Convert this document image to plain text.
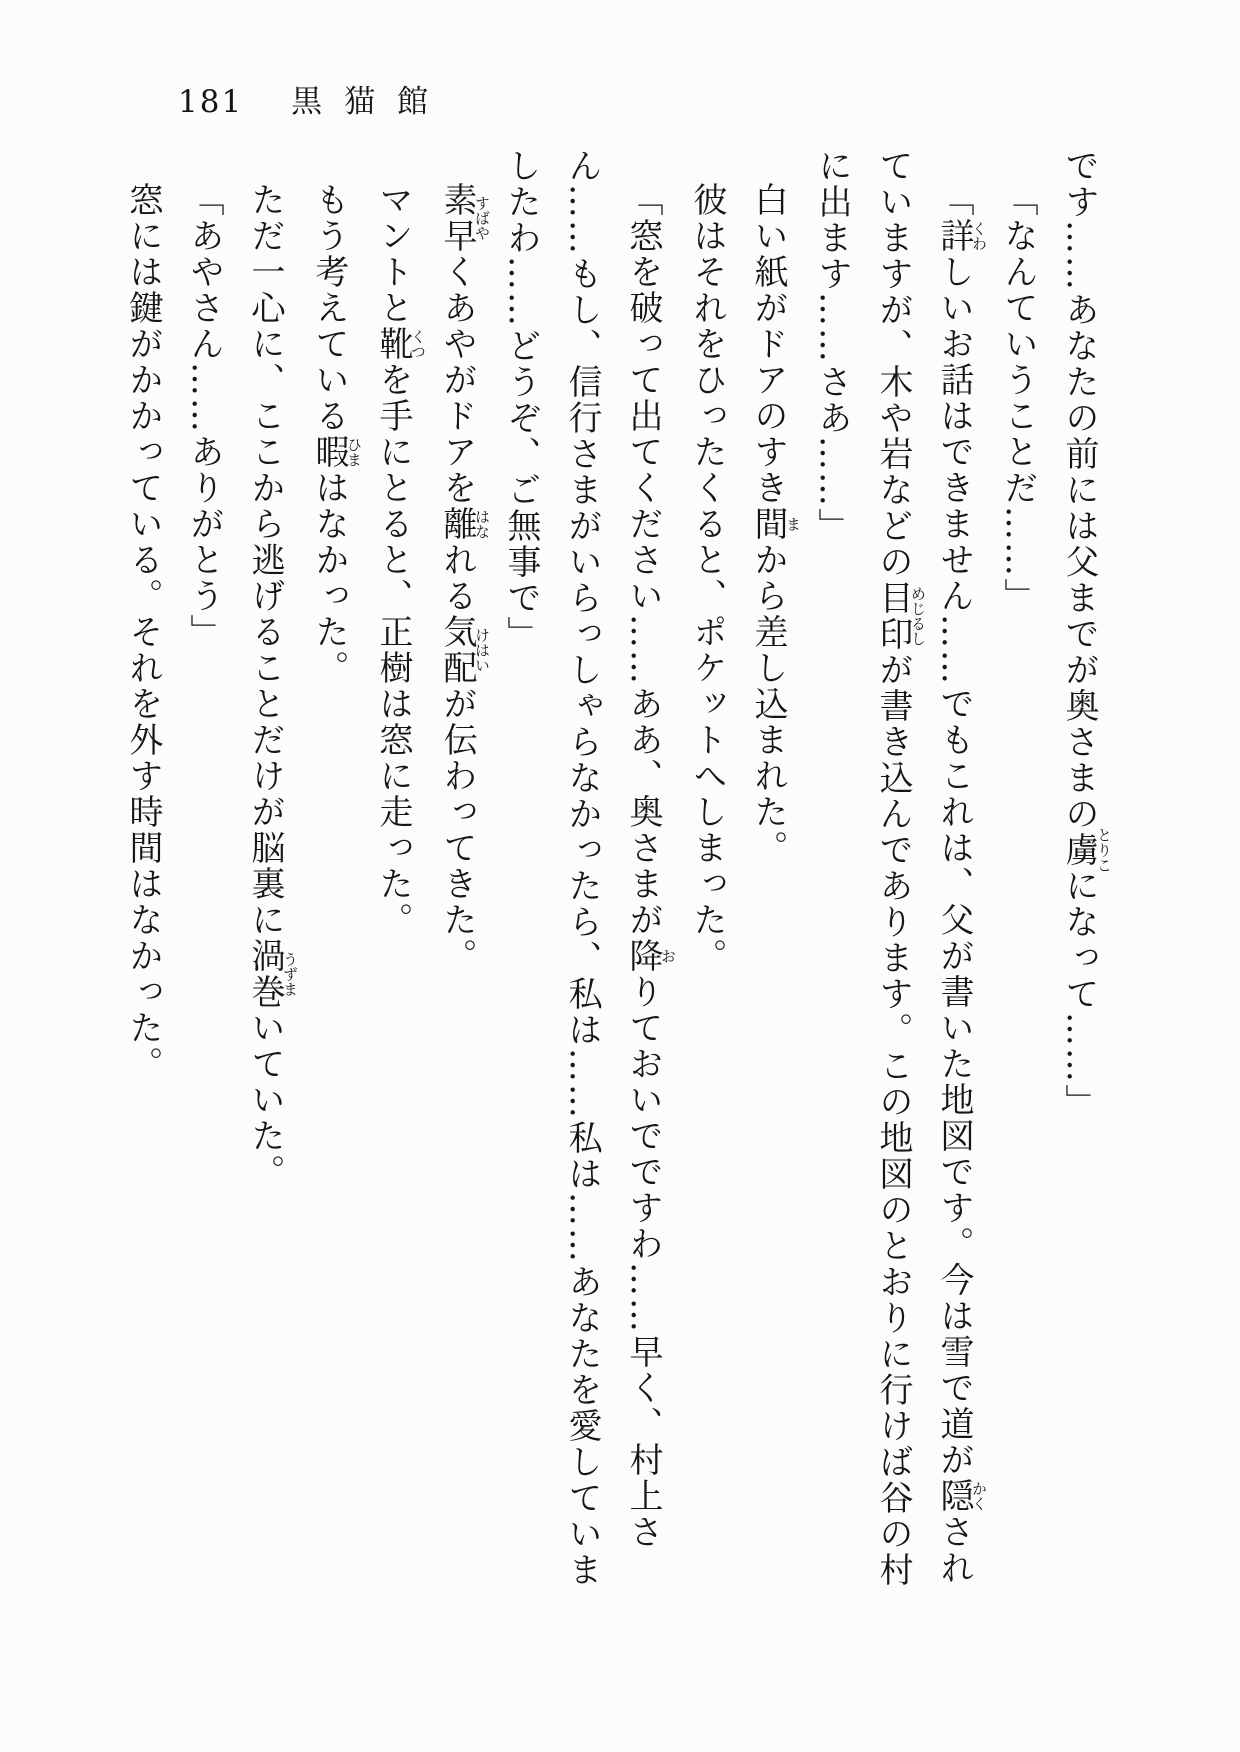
181 黒猫館

です……あなたの前には父までが奥さまの虜とりこになって……」

「なんていうことだ……」

「詳くわしいお話はできません……でもこれは、父が書いた地図です。今は雪で道が隠かくされていますが、木や岩などの目印めじるしが書き込んであります。この地図のとおりに行けば谷の村に出ます……さあ……」

白い紙がドアのすき間まから差し込まれた。

彼はそれをひったくると、ポケットへしまった。

「窓を破って出てください……ああ、奥さまが降おりておいでですわ……早く、村上さん……もし、信行さまがいらっしゃらなかったら、私は……私は……あなたを愛していましたわ……どうぞ、ご無事で」

素早すばやくあやがドアを離はなれる気配けはいが伝わってきた。

マントと靴くつを手にとると、正樹は窓に走った。

もう考えている暇ひまはなかった。

ただ一心に、ここから逃げることだけが脳裏に渦巻うずまいていた。

「あやさん……ありがとう」

窓には鍵がかかっている。それを外す時間はなかった。
